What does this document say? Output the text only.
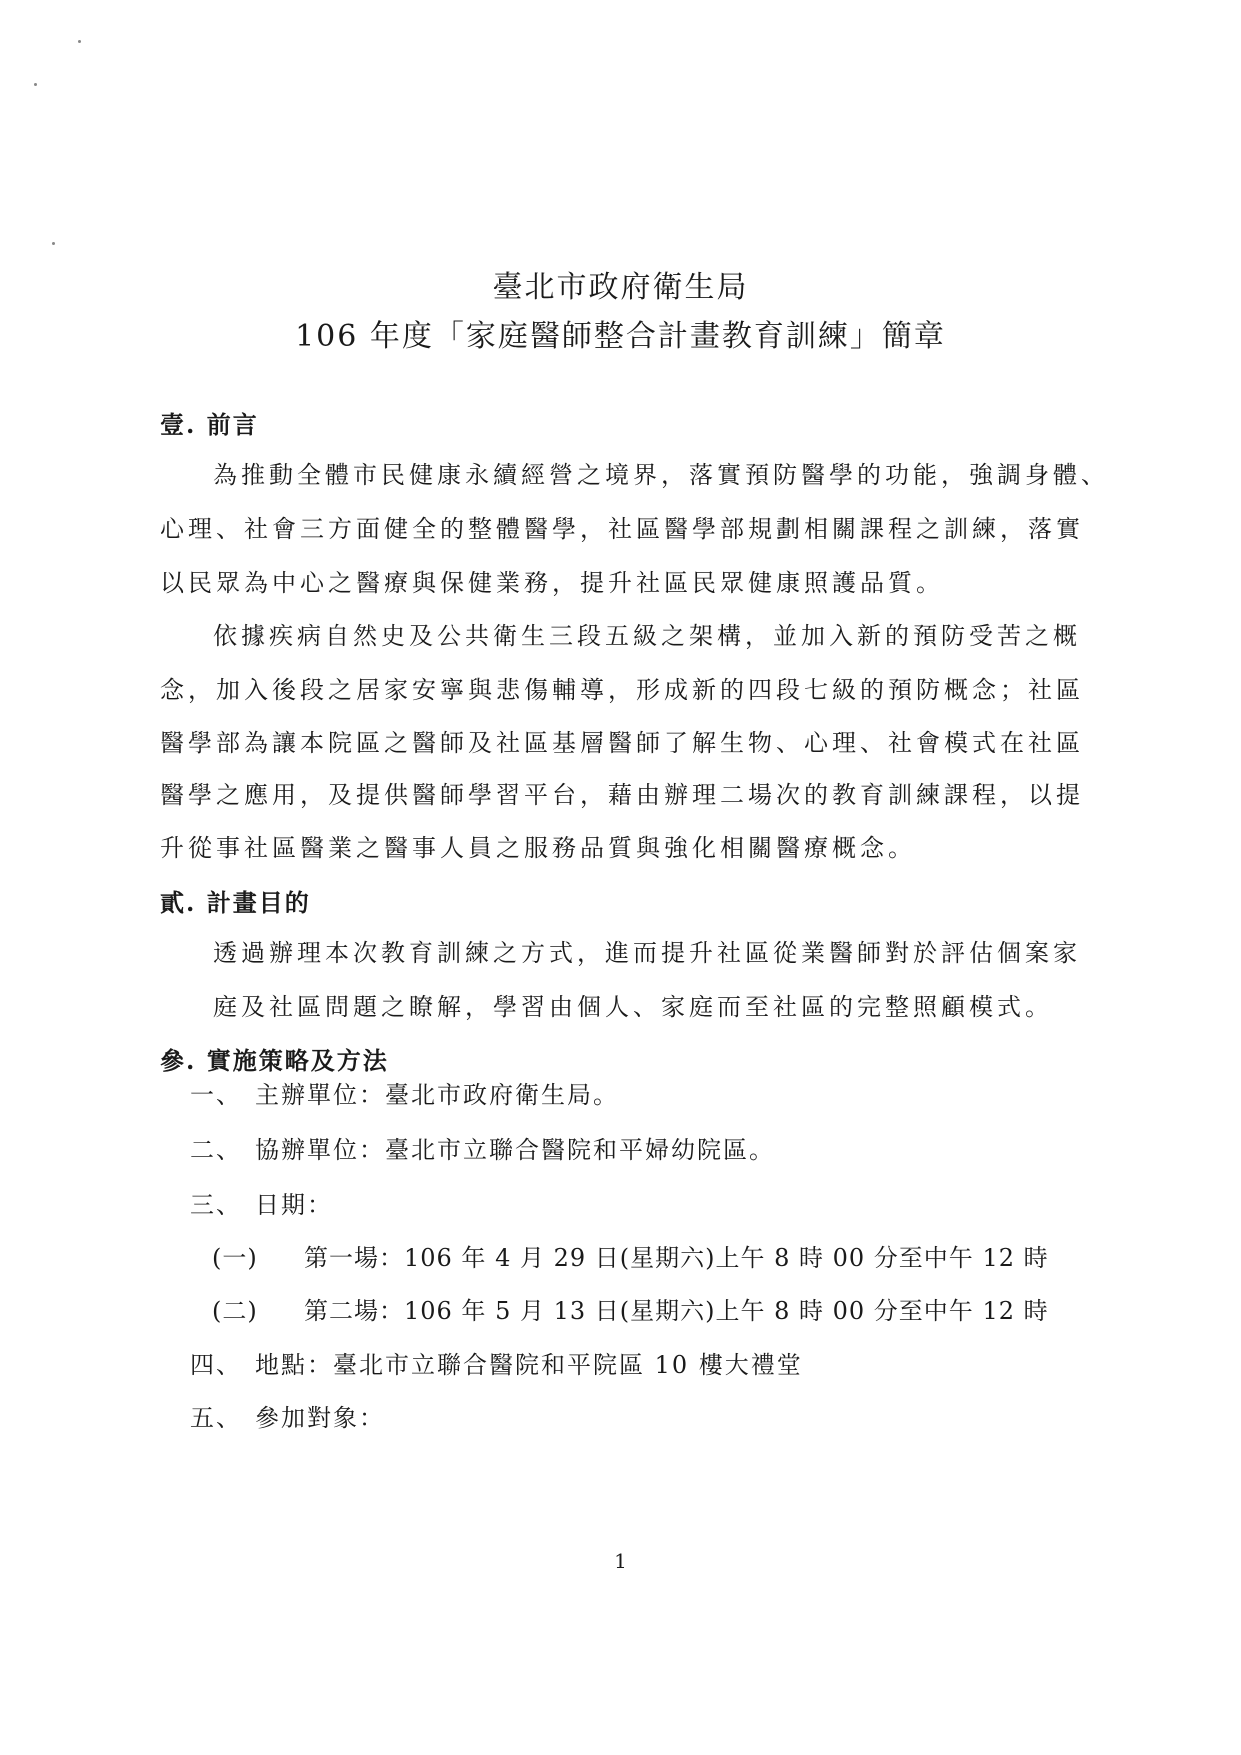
臺北市政府衛生局
106 年度「家庭醫師整合計畫教育訓練」簡章
壹. 前言
為推動全體市民健康永續經營之境界，落實預防醫學的功能，強調身體、
心理、社會三方面健全的整體醫學，社區醫學部規劃相關課程之訓練，落實
以民眾為中心之醫療與保健業務，提升社區民眾健康照護品質。
依據疾病自然史及公共衛生三段五級之架構，並加入新的預防受苦之概
念，加入後段之居家安寧與悲傷輔導，形成新的四段七級的預防概念；社區
醫學部為讓本院區之醫師及社區基層醫師了解生物、心理、社會模式在社區
醫學之應用，及提供醫師學習平台，藉由辦理二場次的教育訓練課程，以提
升從事社區醫業之醫事人員之服務品質與強化相關醫療概念。
貳. 計畫目的
透過辦理本次教育訓練之方式，進而提升社區從業醫師對於評估個案家
庭及社區問題之瞭解，學習由個人、家庭而至社區的完整照顧模式。
參. 實施策略及方法
一、 主辦單位：臺北市政府衛生局。
二、 協辦單位：臺北市立聯合醫院和平婦幼院區。
三、 日期：
(一) 第一場：106 年 4 月 29 日(星期六)上午 8 時 00 分至中午 12 時
(二) 第二場：106 年 5 月 13 日(星期六)上午 8 時 00 分至中午 12 時
四、 地點：臺北市立聯合醫院和平院區 10 樓大禮堂
五、 參加對象：
1
